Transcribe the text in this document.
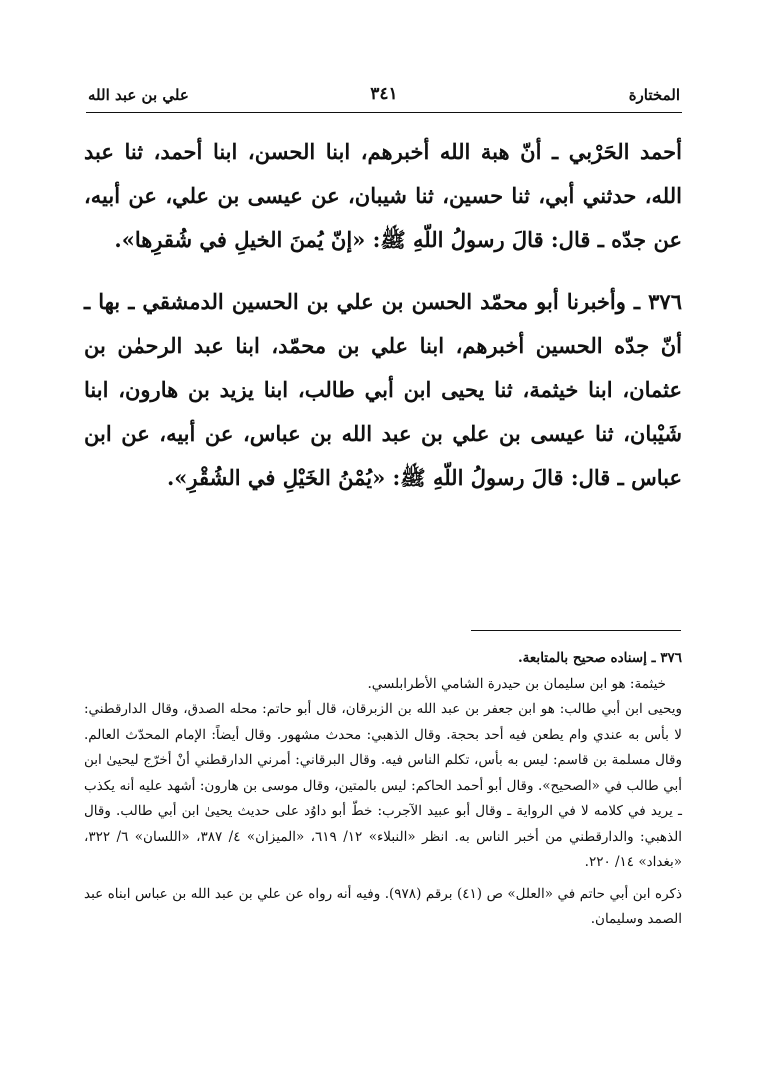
المختارة
٣٤١
علي بن عبد الله

أحمد الحَرْبي ـ أنّ هبة الله أخبرهم، ابنا الحسن، ابنا أحمد، ثنا عبد الله، حدثني أبي، ثنا حسين، ثنا شيبان، عن عيسى بن علي، عن أبيه، عن جدّه ـ قال: قالَ رسولُ اللّهِ ﷺ: «إنّ يُمنَ الخيلِ في شُقرِها».

٣٧٦ ـ وأخبرنا أبو محمّد الحسن بن علي بن الحسين الدمشقي ـ بها ـ أنّ جدّه الحسين أخبرهم، ابنا علي بن محمّد، ابنا عبد الرحمٰن بن عثمان، ابنا خيثمة، ثنا يحيى ابن أبي طالب، ابنا يزيد بن هارون، ابنا شَيْبان، ثنا عيسى بن علي بن عبد الله بن عباس، عن أبيه، عن ابن عباس ـ قال: قالَ رسولُ اللّهِ ﷺ: «يُمْنُ الخَيْلِ في الشُقْرِ».

٣٧٦ ـ إسناده صحيح بالمتابعة.

خيثمة: هو ابن سليمان بن حيدرة الشامي الأطرابلسي.

ويحيى ابن أبي طالب: هو ابن جعفر بن عبد الله بن الزبرقان، قال أبو حاتم: محله الصدق، وقال الدارقطني: لا بأس به عندي وام يطعن فيه أحد بحجة. وقال الذهبي: محدث مشهور. وقال أيضاً: الإمام المحدّث العالم. وقال مسلمة بن قاسم: ليس به بأس، تكلم الناس فيه. وقال البرقاني: أمرني الدارقطني أنْ أخرّج ليحيىٰ ابن أبي طالب في «الصحيح». وقال أبو أحمد الحاكم: ليس بالمتين، وقال موسى بن هارون: أشهد عليه أنه يكذب ـ يريد في كلامه لا في الرواية ـ وقال أبو عبيد الآجرب: خطّ أبو داوُد على حديث يحيىٰ ابن أبي طالب. وقال الذهبي: والدارقطني من أخبر الناس به. انظر «النبلاء» ١٢/ ٦١٩، «الميزان» ٤/ ٣٨٧، «اللسان» ٦/ ٣٢٢، «بغداد» ١٤/ ٢٢٠.

ذكره ابن أبي حاتم في «العلل» ص (٤١) برقم (٩٧٨). وفيه أنه رواه عن علي بن عبد الله بن عباس ابناه عبد الصمد وسليمان.
